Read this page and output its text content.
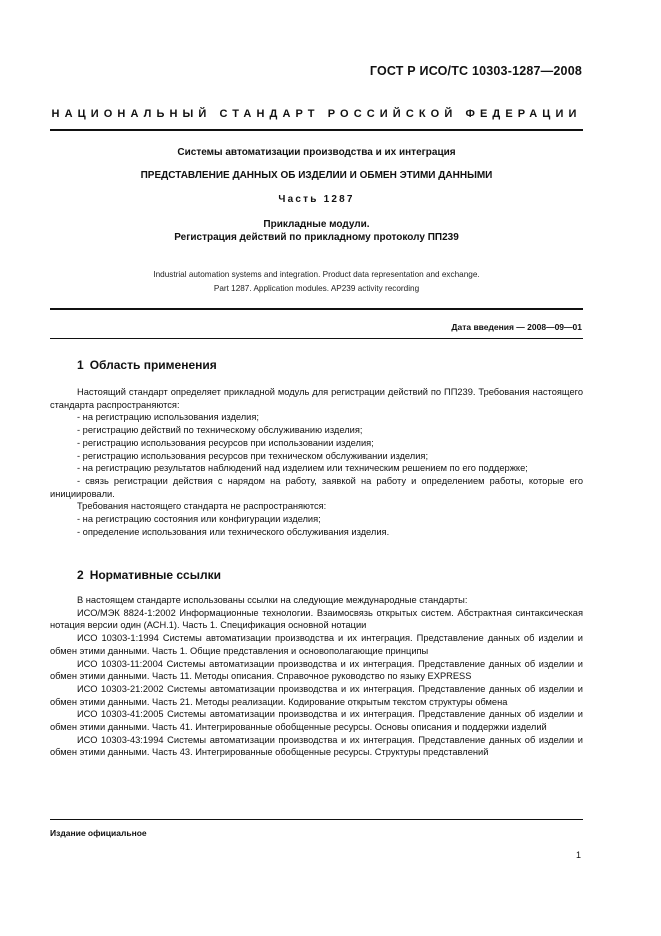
ГОСТ Р ИСО/ТС 10303-1287—2008
НАЦИОНАЛЬНЫЙ СТАНДАРТ РОССИЙСКОЙ ФЕДЕРАЦИИ
Системы автоматизации производства и их интеграция
ПРЕДСТАВЛЕНИЕ ДАННЫХ ОБ ИЗДЕЛИИ И ОБМЕН ЭТИМИ ДАННЫМИ
Часть 1287
Прикладные модули.
Регистрация действий по прикладному протоколу ПП239
Industrial automation systems and integration. Product data representation and exchange.
Part 1287. Application modules. AP239 activity recording
Дата введения — 2008—09—01
1 Область применения

Настоящий стандарт определяет прикладной модуль для регистрации действий по ПП239. Требования настоящего стандарта распространяются:

- на регистрацию использования изделия;

- регистрацию действий по техническому обслуживанию изделия;

- регистрацию использования ресурсов при использовании изделия;

- регистрацию использования ресурсов при техническом обслуживании изделия;

- на регистрацию результатов наблюдений над изделием или техническим решением по его поддержке;

- связь регистрации действия с нарядом на работу, заявкой на работу и определением работы, которые его инициировали.

Требования настоящего стандарта не распространяются:

- на регистрацию состояния или конфигурации изделия;

- определение использования или технического обслуживания изделия.

2 Нормативные ссылки

В настоящем стандарте использованы ссылки на следующие международные стандарты:

ИСО/МЭК 8824-1:2002 Информационные технологии. Взаимосвязь открытых систем. Абстрактная синтаксическая нотация версии один (АСН.1). Часть 1. Спецификация основной нотации

ИСО 10303-1:1994 Системы автоматизации производства и их интеграция. Представление данных об изделии и обмен этими данными. Часть 1. Общие представления и основополагающие принципы

ИСО 10303-11:2004 Системы автоматизации производства и их интеграция. Представление данных об изделии и обмен этими данными. Часть 11. Методы описания. Справочное руководство по языку EXPRESS

ИСО 10303-21:2002 Системы автоматизации производства и их интеграция. Представление данных об изделии и обмен этими данными. Часть 21. Методы реализации. Кодирование открытым текстом структуры обмена

ИСО 10303-41:2005 Системы автоматизации производства и их интеграция. Представление данных об изделии и обмен этими данными. Часть 41. Интегрированные обобщенные ресурсы. Основы описания и поддержки изделий

ИСО 10303-43:1994 Системы автоматизации производства и их интеграция. Представление данных об изделии и обмен этими данными. Часть 43. Интегрированные обобщенные ресурсы. Структуры представлений

Издание официальное
1
